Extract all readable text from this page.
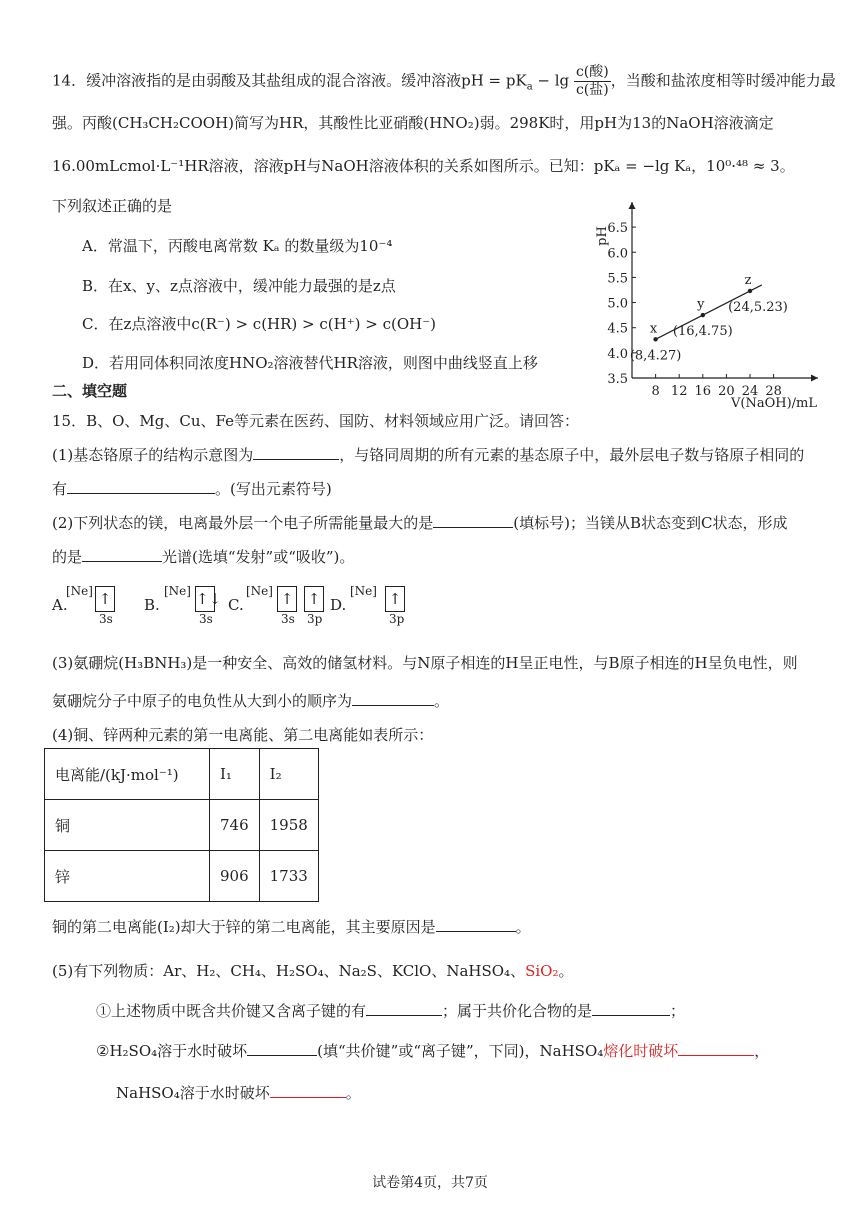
14．缓冲溶液指的是由弱酸及其盐组成的混合溶液。缓冲溶液pH = $pK_a - \lg \frac{\text{c(酸)}}{\text{c(盐)}}$ ，当酸和盐浓度相等时缓冲能力最
强。丙酸(CH₃CH₂COOH)简写为HR，其酸性比亚硝酸(HNO₂)弱。298K时，用pH为13的NaOH溶液滴定
16.00mLcmol·L⁻¹HR溶液，溶液pH与NaOH溶液体积的关系如图所示。已知：pKₐ = −lg Kₐ，10⁰·⁴⁸ ≈ 3。
下列叙述正确的是
A．常温下，丙酸电离常数 Kₐ 的数量级为10⁻⁴
B．在x、y、z点溶液中，缓冲能力最强的是z点
C．在z点溶液中c(R⁻) > c(HR) > c(H⁺) > c(OH⁻)
D．若用同体积同浓度HNO₂溶液替代HR溶液，则图中曲线竖直上移
3.5
4.0
4.5
5.0
5.5
6.0
6.5
8 12 16 20 24 28
pH
V(NaOH)/mL
x
(8,4.27)
y
(16,4.75)
z
(24,5.23)
二、填空题
15．B、O、Mg、Cu、Fe等元素在医药、国防、材料领域应用广泛。请回答：
(1)基态铬原子的结构示意图为	，与铬同周期的所有元素的基态原子中，最外层电子数与铬原子相同的
有	。(写出元素符号)
(2)下列状态的镁，电离最外层一个电子所需能量最大的是	(填标号)；当镁从B状态变到C状态，形成
的是	光谱(选填“发射”或“吸收”)。
A.
[Ne] ↑
3s
B.
[Ne] ↑↓
3s
C.
[Ne] ↑ ↑
3s 3p
D.
[Ne] ↑
3p
(3)氨硼烷(H₃BNH₃)是一种安全、高效的储氢材料。与N原子相连的H呈正电性，与B原子相连的H呈负电性，则
氨硼烷分子中原子的电负性从大到小的顺序为	。
(4)铜、锌两种元素的第一电离能、第二电离能如表所示：
电离能/(kJ·mol⁻¹)	I₁	I₂
铜	746	1958
锌	906	1733
铜的第二电离能(I₂)却大于锌的第二电离能，其主要原因是	。
(5)有下列物质：Ar、H₂、CH₄、H₂SO₄、Na₂S、KClO、NaHSO₄、SiO₂。
①上述物质中既含共价键又含离子键的有	；属于共价化合物的是	；
②H₂SO₄溶于水时破坏	(填“共价键”或“离子键”，下同)，NaHSO₄熔化时破坏	，
NaHSO₄溶于水时破坏	。
试卷第4页，共7页
